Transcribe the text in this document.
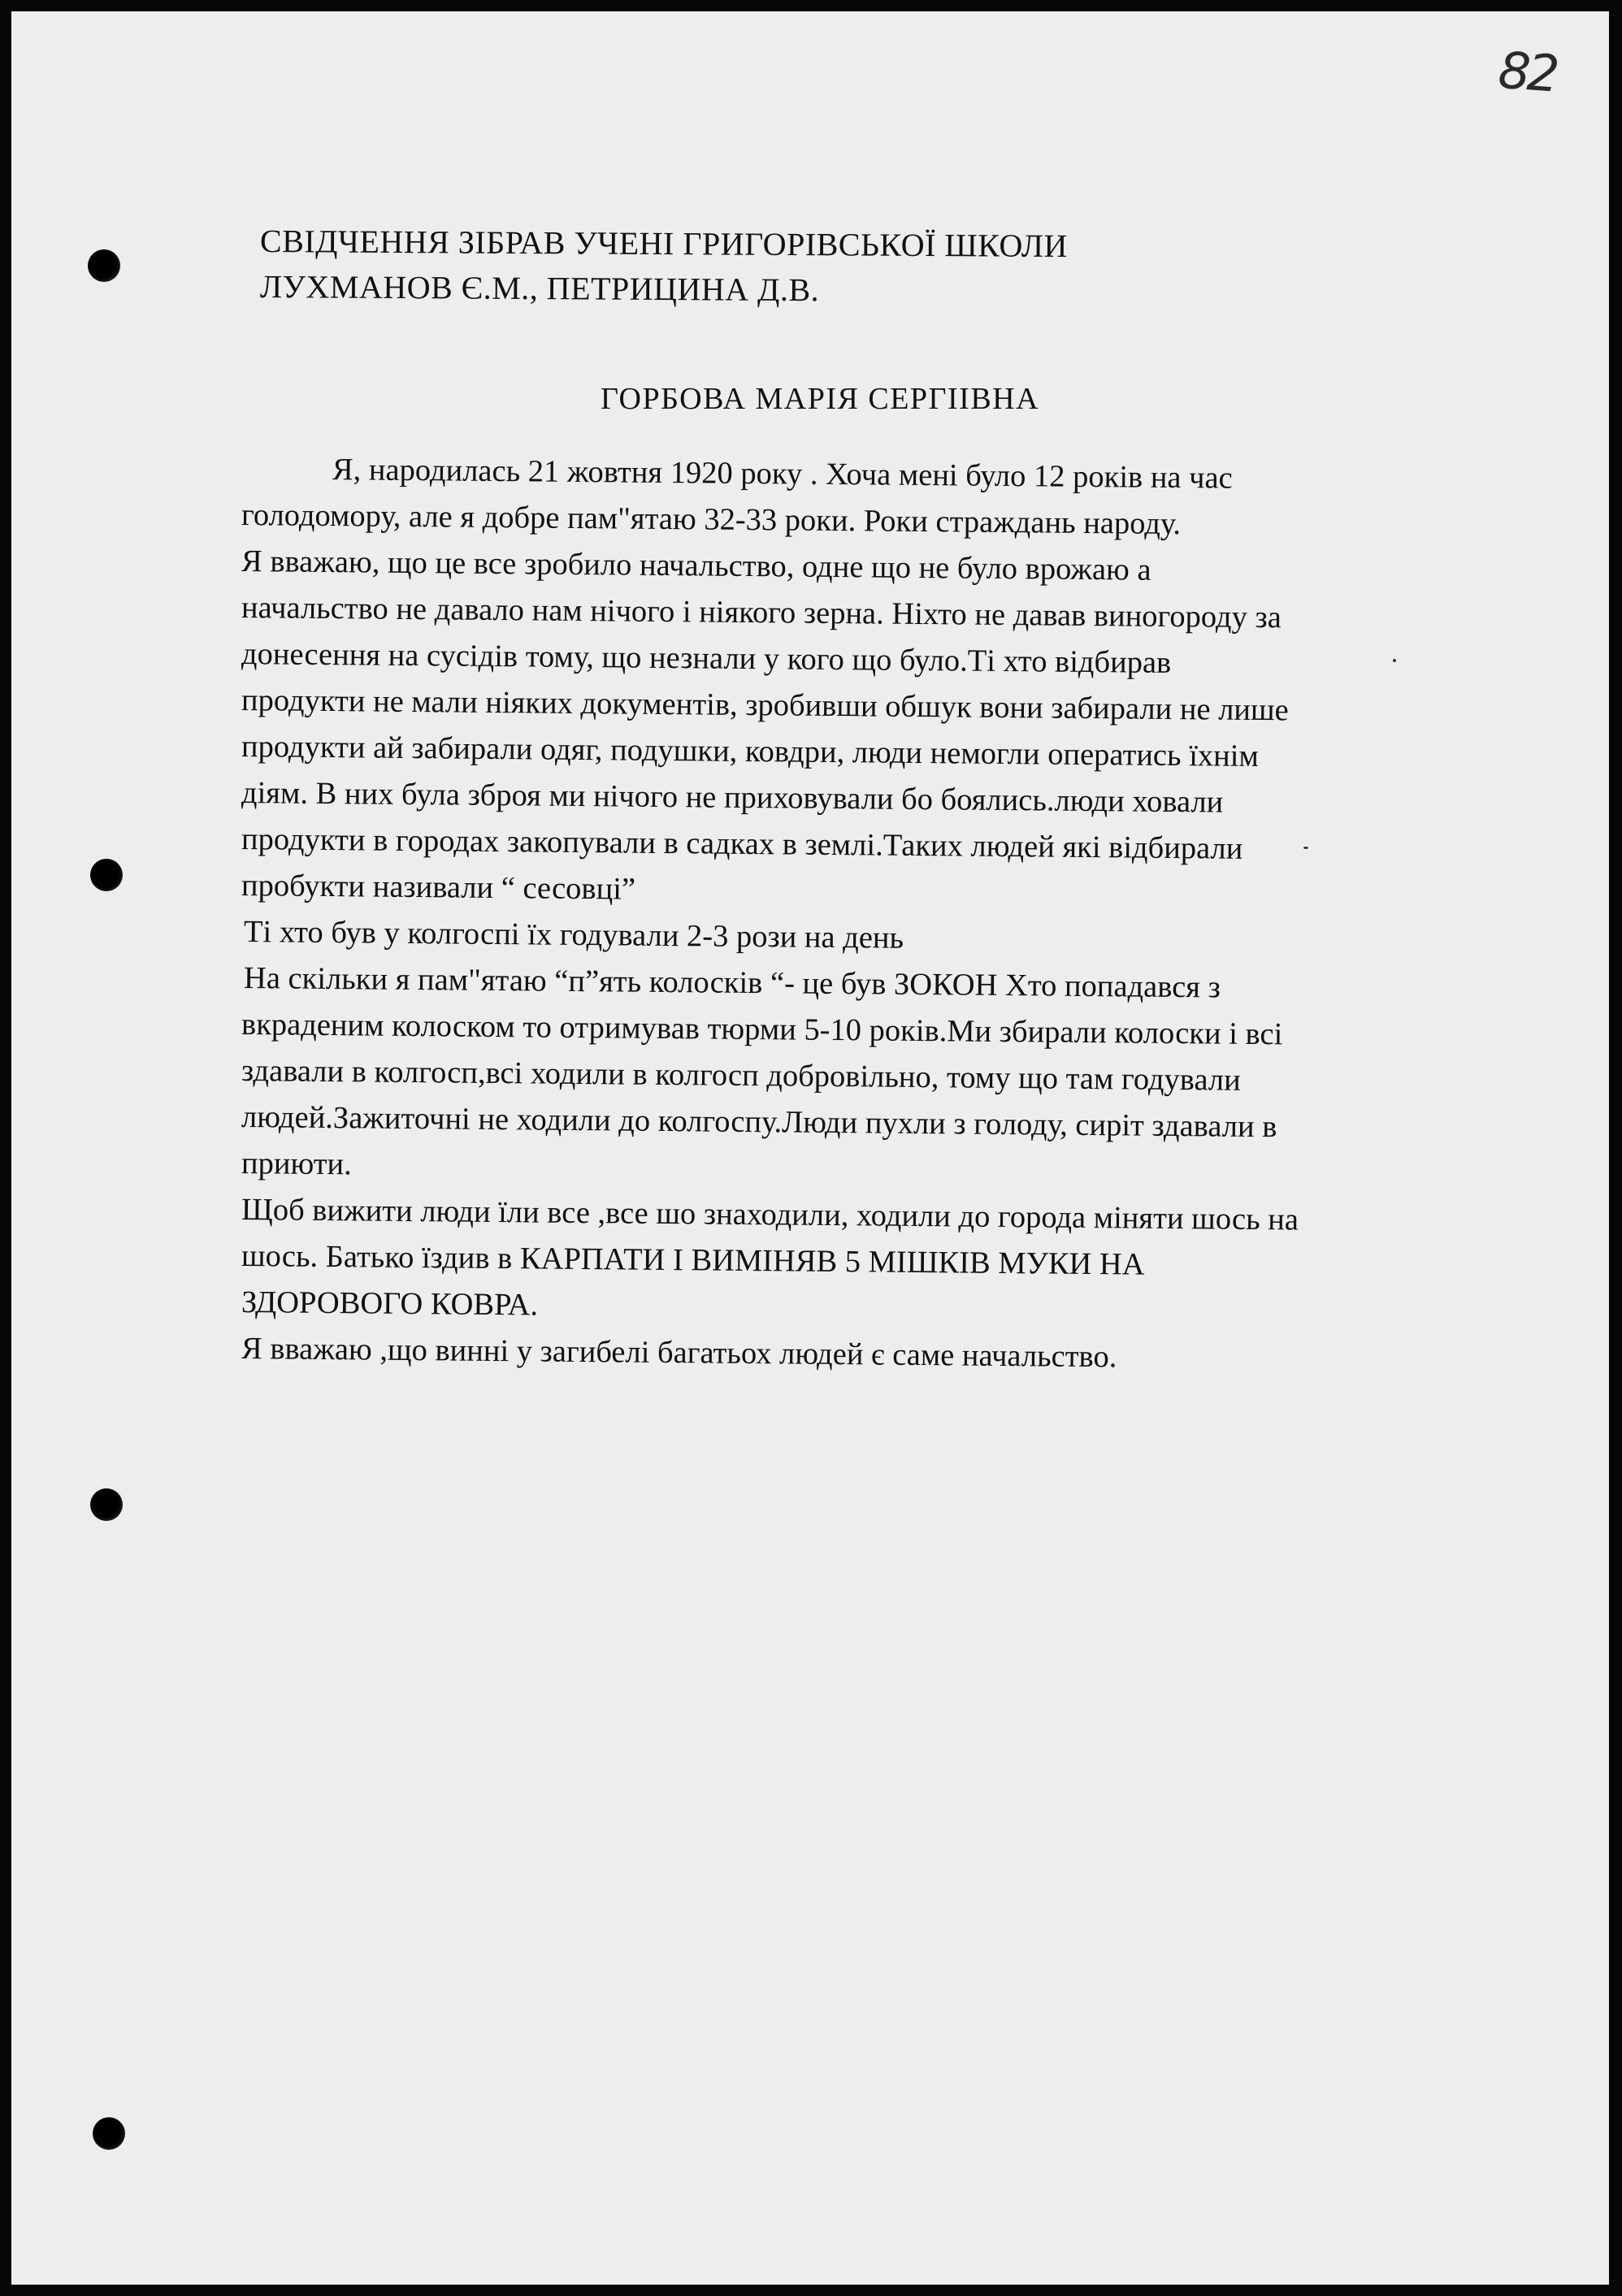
82
СВІДЧЕННЯ ЗІБРАВ УЧЕНІ ГРИГОРІВСЬКОЇ ШКОЛИ
ЛУХМАНОВ Є.М., ПЕТРИЦИНА Д.В.
ГОРБОВА МАРІЯ СЕРГІІВНА
Я, народилась 21 жовтня 1920 року . Хоча мені було 12 років на час
голодомору, але я добре пам"ятаю 32-33 роки. Роки страждань народу.
Я вважаю, що це все зробило начальство, одне що не було врожаю а
начальство не давало нам нічого і ніякого зерна. Ніхто не давав виногороду за
донесення на сусідів тому, що незнали у кого що було.Ті хто відбирав
продукти не мали ніяких документів, зробивши обшук вони забирали не лише
продукти ай забирали одяг, подушки, ковдри, люди немогли оператись їхнім
діям. В них була зброя ми нічого не приховували бо боялись.люди ховали
продукти в городах закопували в садках в землі.Таких людей які відбирали
пробукти називали “ сесовці”
Ті хто був у колгоспі їх годували 2-3 рози на день
На скільки я пам"ятаю “п”ять колосків “- це був ЗОКОН Хто попадався з
вкраденим колоском то отримував тюрми 5-10 років.Ми збирали колоски і всі
здавали в колгосп,всі ходили в колгосп добровільно, тому що там годували
людей.Зажиточні не ходили до колгоспу.Люди пухли з голоду, сиріт здавали в
приюти.
Щоб вижити люди їли все ,все шо знаходили, ходили до города міняти шось на
шось. Батько їздив в КАРПАТИ І ВИМІНЯВ 5 МІШКІВ МУКИ НА
ЗДОРОВОГО КОВРА.
Я вважаю ,що винні у загибелі багатьох людей є саме начальство.
